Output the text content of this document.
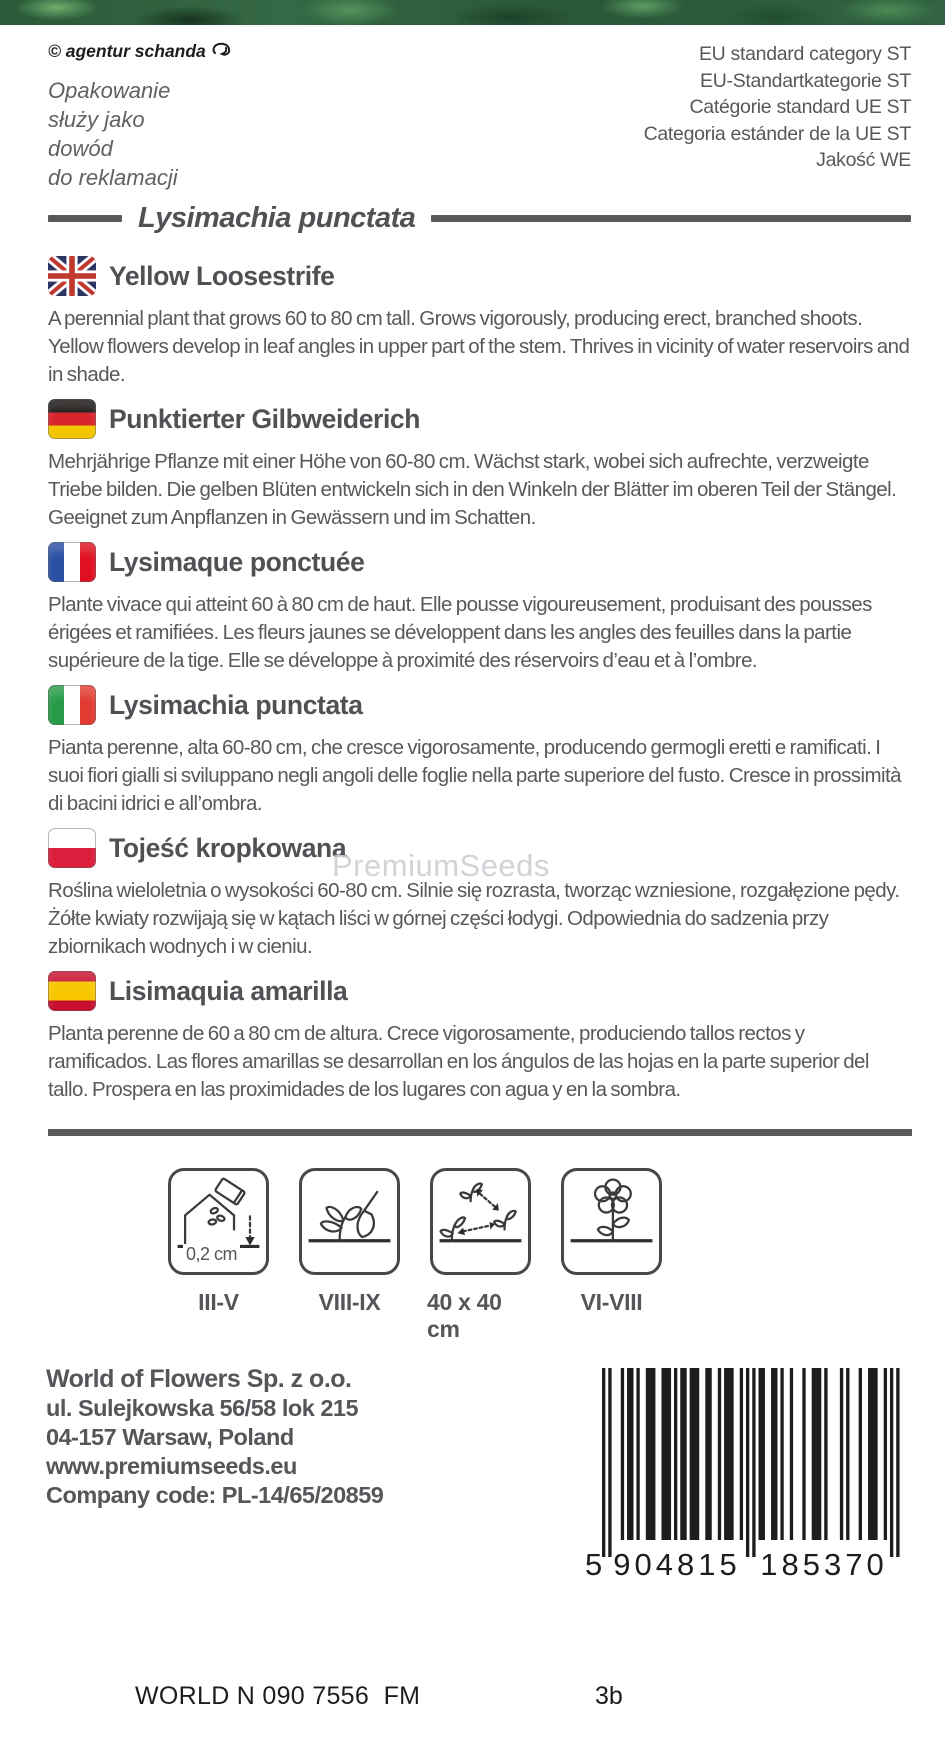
© agentur schanda
Opakowanie
służy jako
dowód
do reklamacji
EU standard category ST
EU-Standartkategorie ST
Catégorie standard UE ST
Categoria estánder de la UE ST
Jakość WE
Lysimachia punctata
Yellow Loosestrife

A perennial plant that grows 60 to 80 cm tall. Grows vigorously, producing erect, branched shoots. Yellow flowers develop in leaf angles in upper part of the stem. Thrives in vicinity of water reservoirs and in shade.

Punktierter Gilbweiderich

Mehrjährige Pflanze mit einer Höhe von 60-80 cm. Wächst stark, wobei sich aufrechte, verzweigte Triebe bilden. Die gelben Blüten entwickeln sich in den Winkeln der Blätter im oberen Teil der Stängel. Geeignet zum Anpflanzen in Gewässern und im Schatten.

Lysimaque ponctuée

Plante vivace qui atteint 60 à 80 cm de haut. Elle pousse vigoureusement, produisant des pousses érigées et ramifiées. Les fleurs jaunes se développent dans les angles des feuilles dans la partie supérieure de la tige. Elle se développe à proximité des réservoirs d’eau et à l’ombre.

Lysimachia punctata

Pianta perenne, alta 60-80 cm, che cresce vigorosamente, producendo germogli eretti e ramificati. I suoi fiori gialli si sviluppano negli angoli delle foglie nella parte superiore del fusto. Cresce in prossimità di bacini idrici e all’ombra.

Tojeść kropkowana

Roślina wieloletnia o wysokości 60-80 cm. Silnie się rozrasta, tworząc wzniesione, rozgałęzione pędy. Żółte kwiaty rozwijają się w kątach liści w górnej części łodygi. Odpowiednia do sadzenia przy zbiornikach wodnych i w cieniu.

Lisimaquia amarilla

Planta perenne de 60 a 80 cm de altura. Crece vigorosamente, produciendo tallos rectos y ramificados. Las flores amarillas se desarrollan en los ángulos de las hojas en la parte superior del tallo. Prospera en las proximidades de los lugares con agua y en la sombra.

PremiumSeeds
0,2 cm
III-V	VIII-IX 40 x 40 cm
VI-VIII
World of Flowers Sp. z o.o.
ul. Sulejkowska 56/58 lok 215
04-157 Warsaw, Poland
www.premiumseeds.eu
Company code: PL-14/65/20859
5 904815 185370
WORLD N 090 7556  FM	3b
